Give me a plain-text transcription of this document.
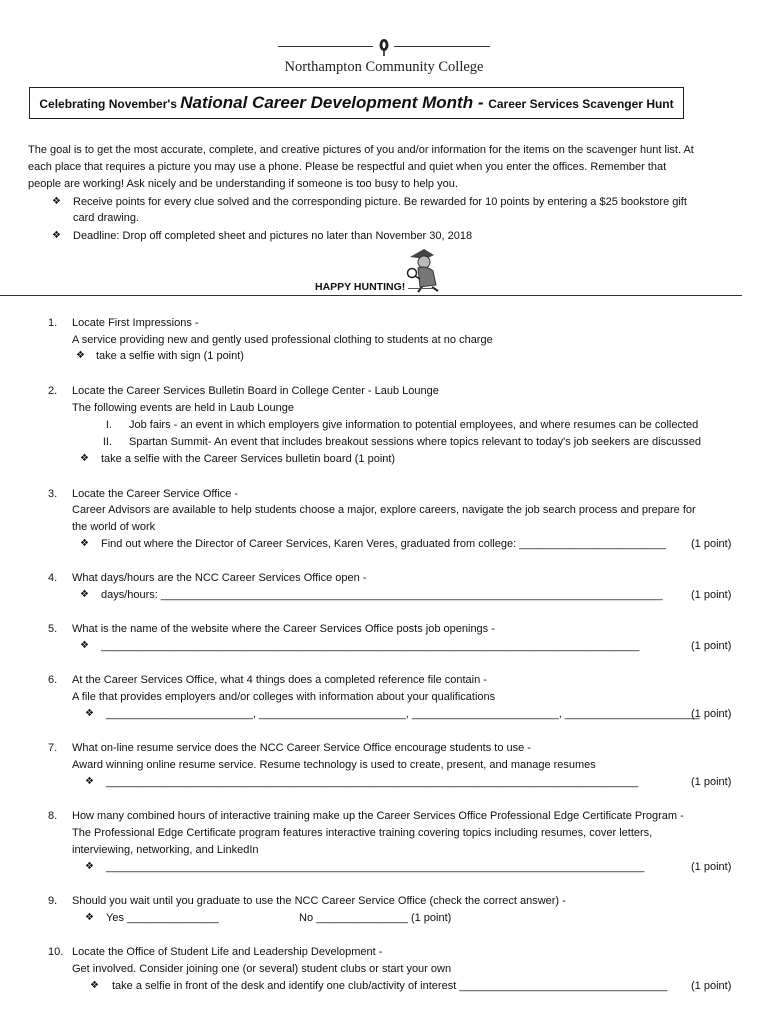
Northampton Community College
Celebrating November's National Career Development Month - Career Services Scavenger Hunt
The goal is to get the most accurate, complete, and creative pictures of you and/or information for the items on the scavenger hunt list. At
each place that requires a picture you may use a phone. Please be respectful and quiet when you enter the offices. Remember that
people are working! Ask nicely and be understanding if someone is too busy to help you.
❖ Receive points for every clue solved and the corresponding picture. Be rewarded for 10 points by entering a $25 bookstore gift
card drawing.
❖ Deadline: Drop off completed sheet and pictures no later than November 30, 2018
HAPPY HUNTING!
1. Locate First Impressions -
A service providing new and gently used professional clothing to students at no charge
❖ take a selfie with sign (1 point)
2. Locate the Career Services Bulletin Board in College Center - Laub Lounge
The following events are held in Laub Lounge
I. Job fairs - an event in which employers give information to potential employees, and where resumes can be collected
II. Spartan Summit- An event that includes breakout sessions where topics relevant to today's job seekers are discussed
❖ take a selfie with the Career Services bulletin board (1 point)
3. Locate the Career Service Office -
Career Advisors are available to help students choose a major, explore careers, navigate the job search process and prepare for
the world of work
❖ Find out where the Director of Career Services, Karen Veres, graduated from college: ________________________ (1 point)
4. What days/hours are the NCC Career Services Office open -
❖ days/hours: __________________________________________________________________________________	(1 point)
5. What is the name of the website where the Career Services Office posts job openings -
❖ ________________________________________________________________________________________	(1 point)
6. At the Career Services Office, what 4 things does a completed reference file contain -
A file that provides employers and/or colleges with information about your qualifications
❖ ________________________, ________________________, ________________________, ______________________
(1 point)
7. What on-line resume service does the NCC Career Service Office encourage students to use -
Award winning online resume service. Resume technology is used to create, present, and manage resumes
❖ _______________________________________________________________________________________	(1 point)
8. How many combined hours of interactive training make up the Career Services Office Professional Edge Certificate Program -
The Professional Edge Certificate program features interactive training covering topics including resumes, cover letters,
interviewing, networking, and LinkedIn
❖ ________________________________________________________________________________________	(1 point)
9. Should you wait until you graduate to use the NCC Career Service Office (check the correct answer) -
❖ Yes _______________	No _______________ (1 point)
10. Locate the Office of Student Life and Leadership Development -
Get involved. Consider joining one (or several) student clubs or start your own
❖ take a selfie in front of the desk and identify one club/activity of interest __________________________________ (1 point)
